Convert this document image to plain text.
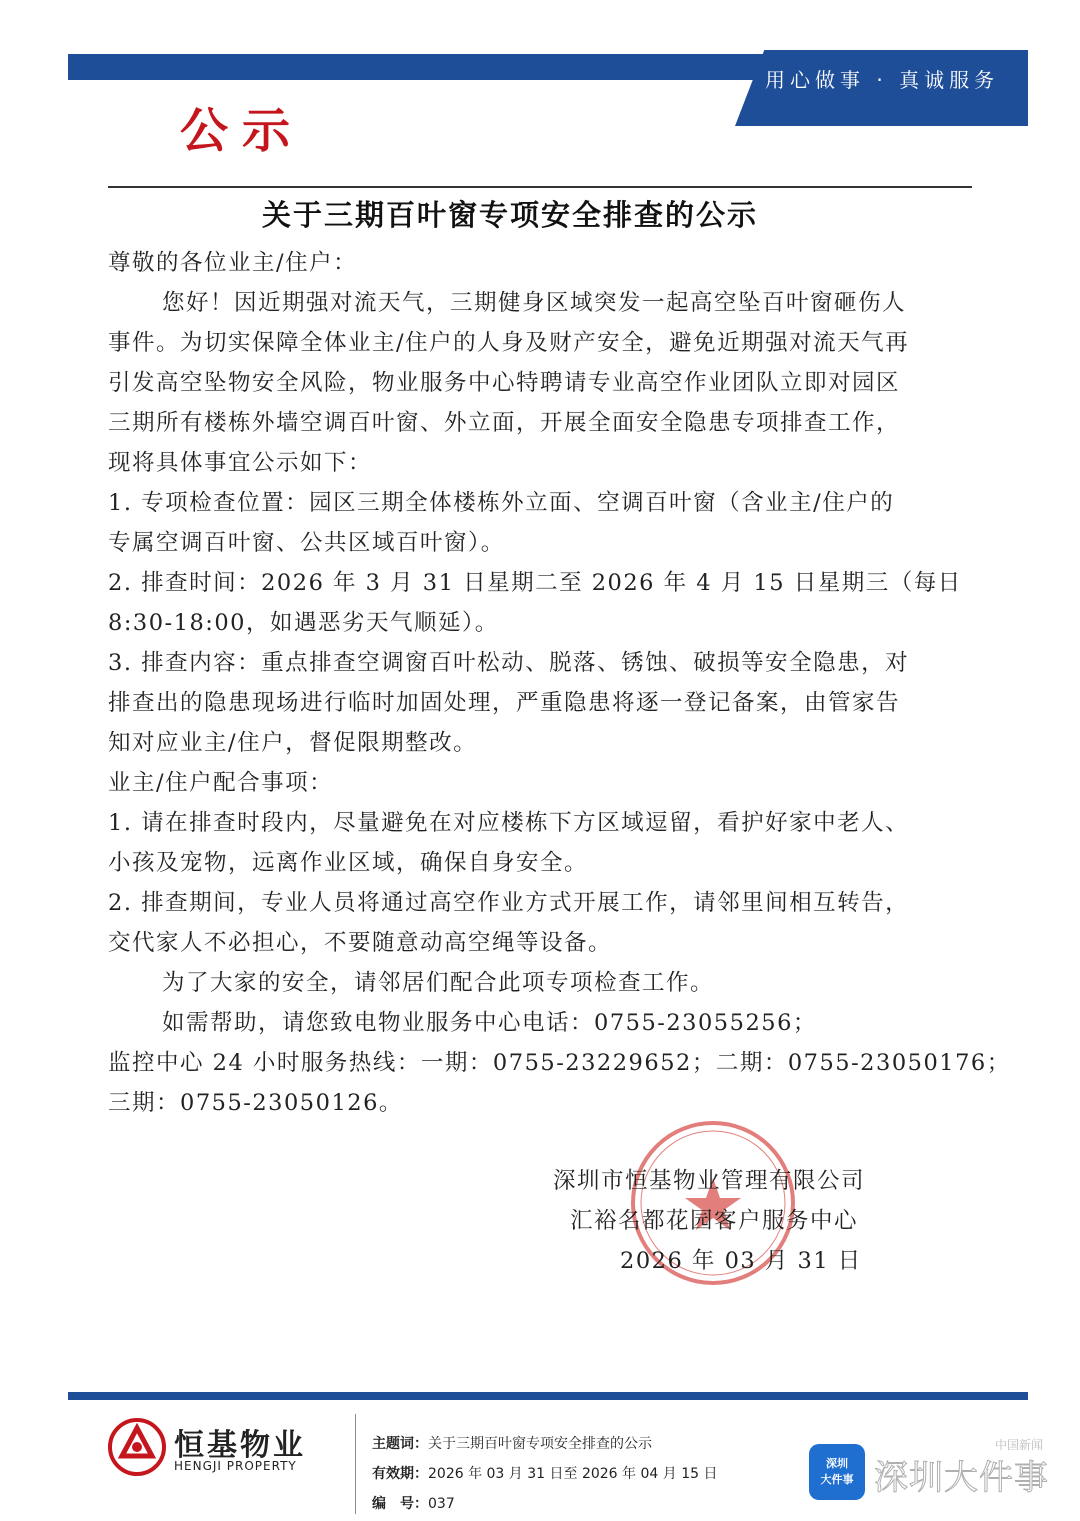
用心做事 · 真诚服务
公示
关于三期百叶窗专项安全排查的公示
尊敬的各位业主/住户：
您好！因近期强对流天气，三期健身区域突发一起高空坠百叶窗砸伤人
事件。为切实保障全体业主/住户的人身及财产安全，避免近期强对流天气再
引发高空坠物安全风险，物业服务中心特聘请专业高空作业团队立即对园区
三期所有楼栋外墙空调百叶窗、外立面，开展全面安全隐患专项排查工作，
现将具体事宜公示如下：
1. 专项检查位置：园区三期全体楼栋外立面、空调百叶窗（含业主/住户的
专属空调百叶窗、公共区域百叶窗）。
2. 排查时间：2026 年 3 月 31 日星期二至 2026 年 4 月 15 日星期三（每日
8:30-18:00，如遇恶劣天气顺延）。
3. 排查内容：重点排查空调窗百叶松动、脱落、锈蚀、破损等安全隐患，对
排查出的隐患现场进行临时加固处理，严重隐患将逐一登记备案，由管家告
知对应业主/住户，督促限期整改。
业主/住户配合事项：
1. 请在排查时段内，尽量避免在对应楼栋下方区域逗留，看护好家中老人、
小孩及宠物，远离作业区域，确保自身安全。
2. 排查期间，专业人员将通过高空作业方式开展工作，请邻里间相互转告，
交代家人不必担心，不要随意动高空绳等设备。
为了大家的安全，请邻居们配合此项专项检查工作。
如需帮助，请您致电物业服务中心电话：0755-23055256；
监控中心 24 小时服务热线：一期：0755-23229652；二期：0755-23050176；
三期：0755-23050126。
深圳市恒基物业管理有限公司
汇裕名都花园客户服务中心
2026 年 03 月 31 日
恒基物业
HENGJI PROPERTY
主题词：关于三期百叶窗专项安全排查的公示
有效期：2026 年 03 月 31 日至 2026 年 04 月 15 日
编　号：037
深圳
大件事 深圳大件事
中国新闻
